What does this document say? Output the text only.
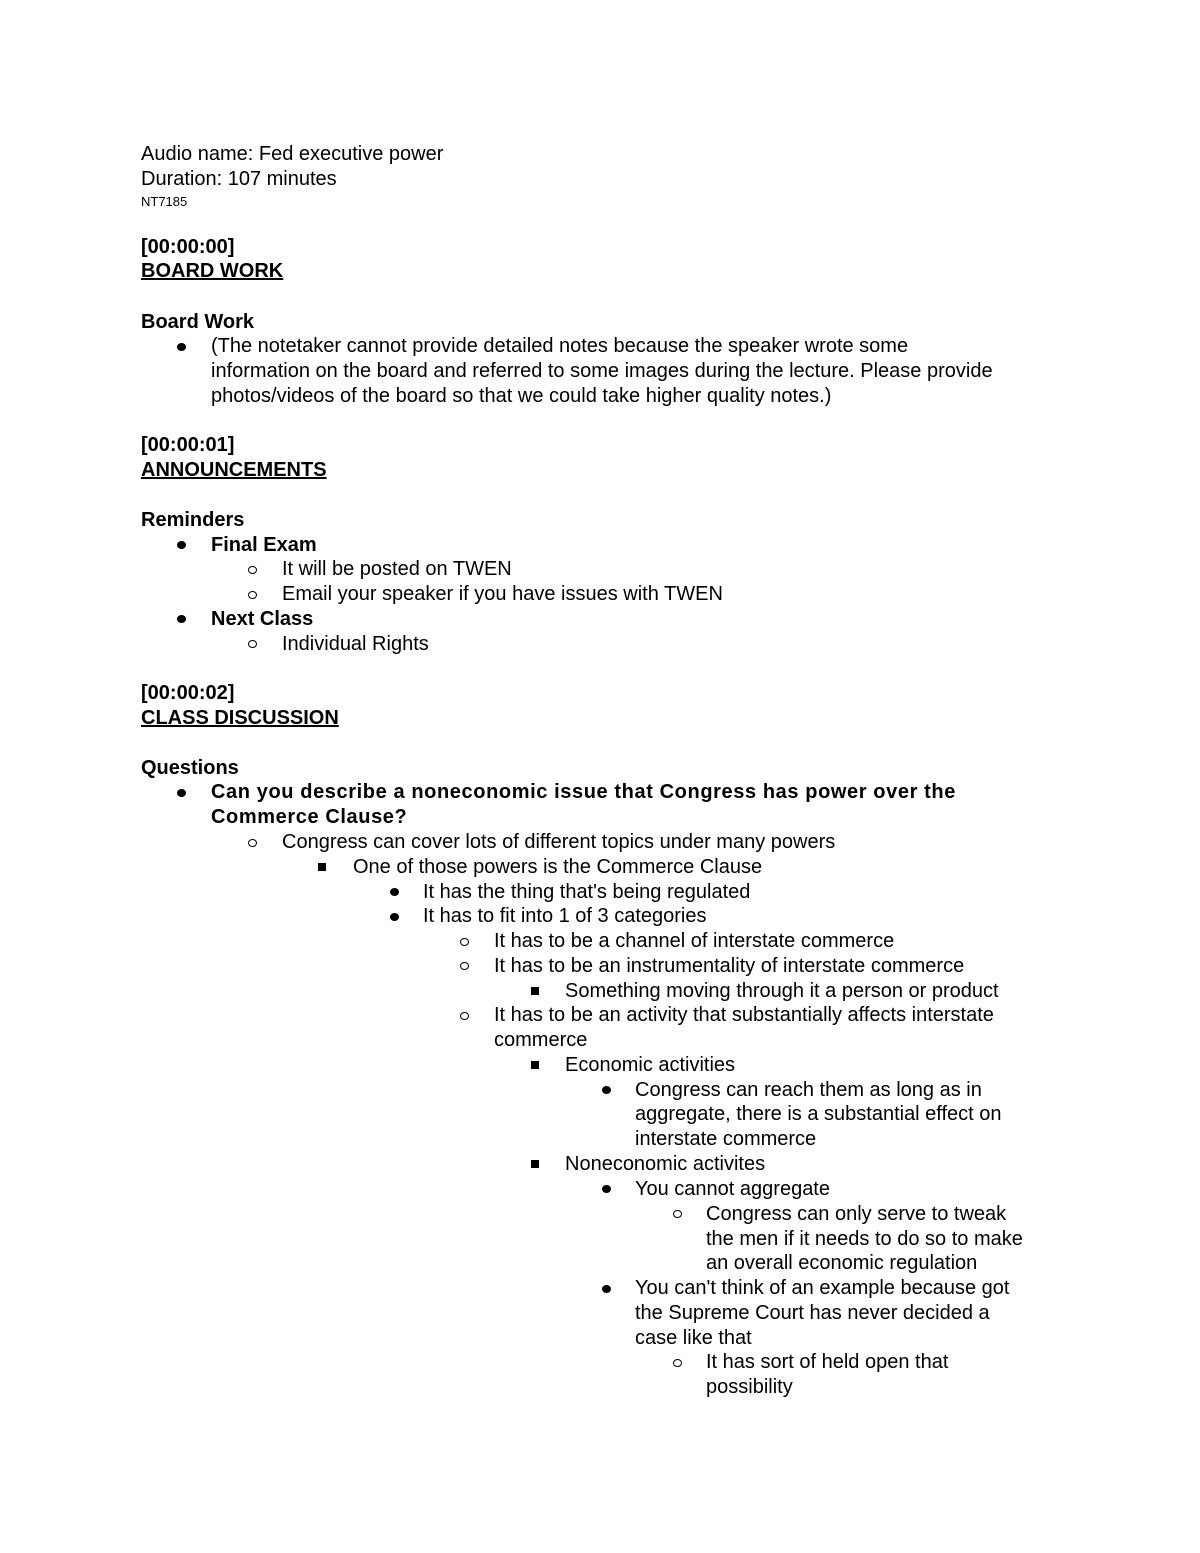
Audio name: Fed executive power
Duration: 107 minutes
NT7185
[00:00:00]
BOARD WORK
Board Work
(The notetaker cannot provide detailed notes because the speaker wrote some
information on the board and referred to some images during the lecture. Please provide
photos/videos of the board so that we could take higher quality notes.)
[00:00:01]
ANNOUNCEMENTS
Reminders
Final Exam
It will be posted on TWEN
Email your speaker if you have issues with TWEN
Next Class
Individual Rights
[00:00:02]
CLASS DISCUSSION
Questions
Can you describe a noneconomic issue that Congress has power over the
Commerce Clause?
Congress can cover lots of different topics under many powers
One of those powers is the Commerce Clause
It has the thing that's being regulated
It has to fit into 1 of 3 categories
It has to be a channel of interstate commerce
It has to be an instrumentality of interstate commerce
Something moving through it a person or product
It has to be an activity that substantially affects interstate
commerce
Economic activities
Congress can reach them as long as in
aggregate, there is a substantial effect on
interstate commerce
Noneconomic activites
You cannot aggregate
Congress can only serve to tweak
the men if it needs to do so to make
an overall economic regulation
You can't think of an example because got
the Supreme Court has never decided a
case like that
It has sort of held open that
possibility
